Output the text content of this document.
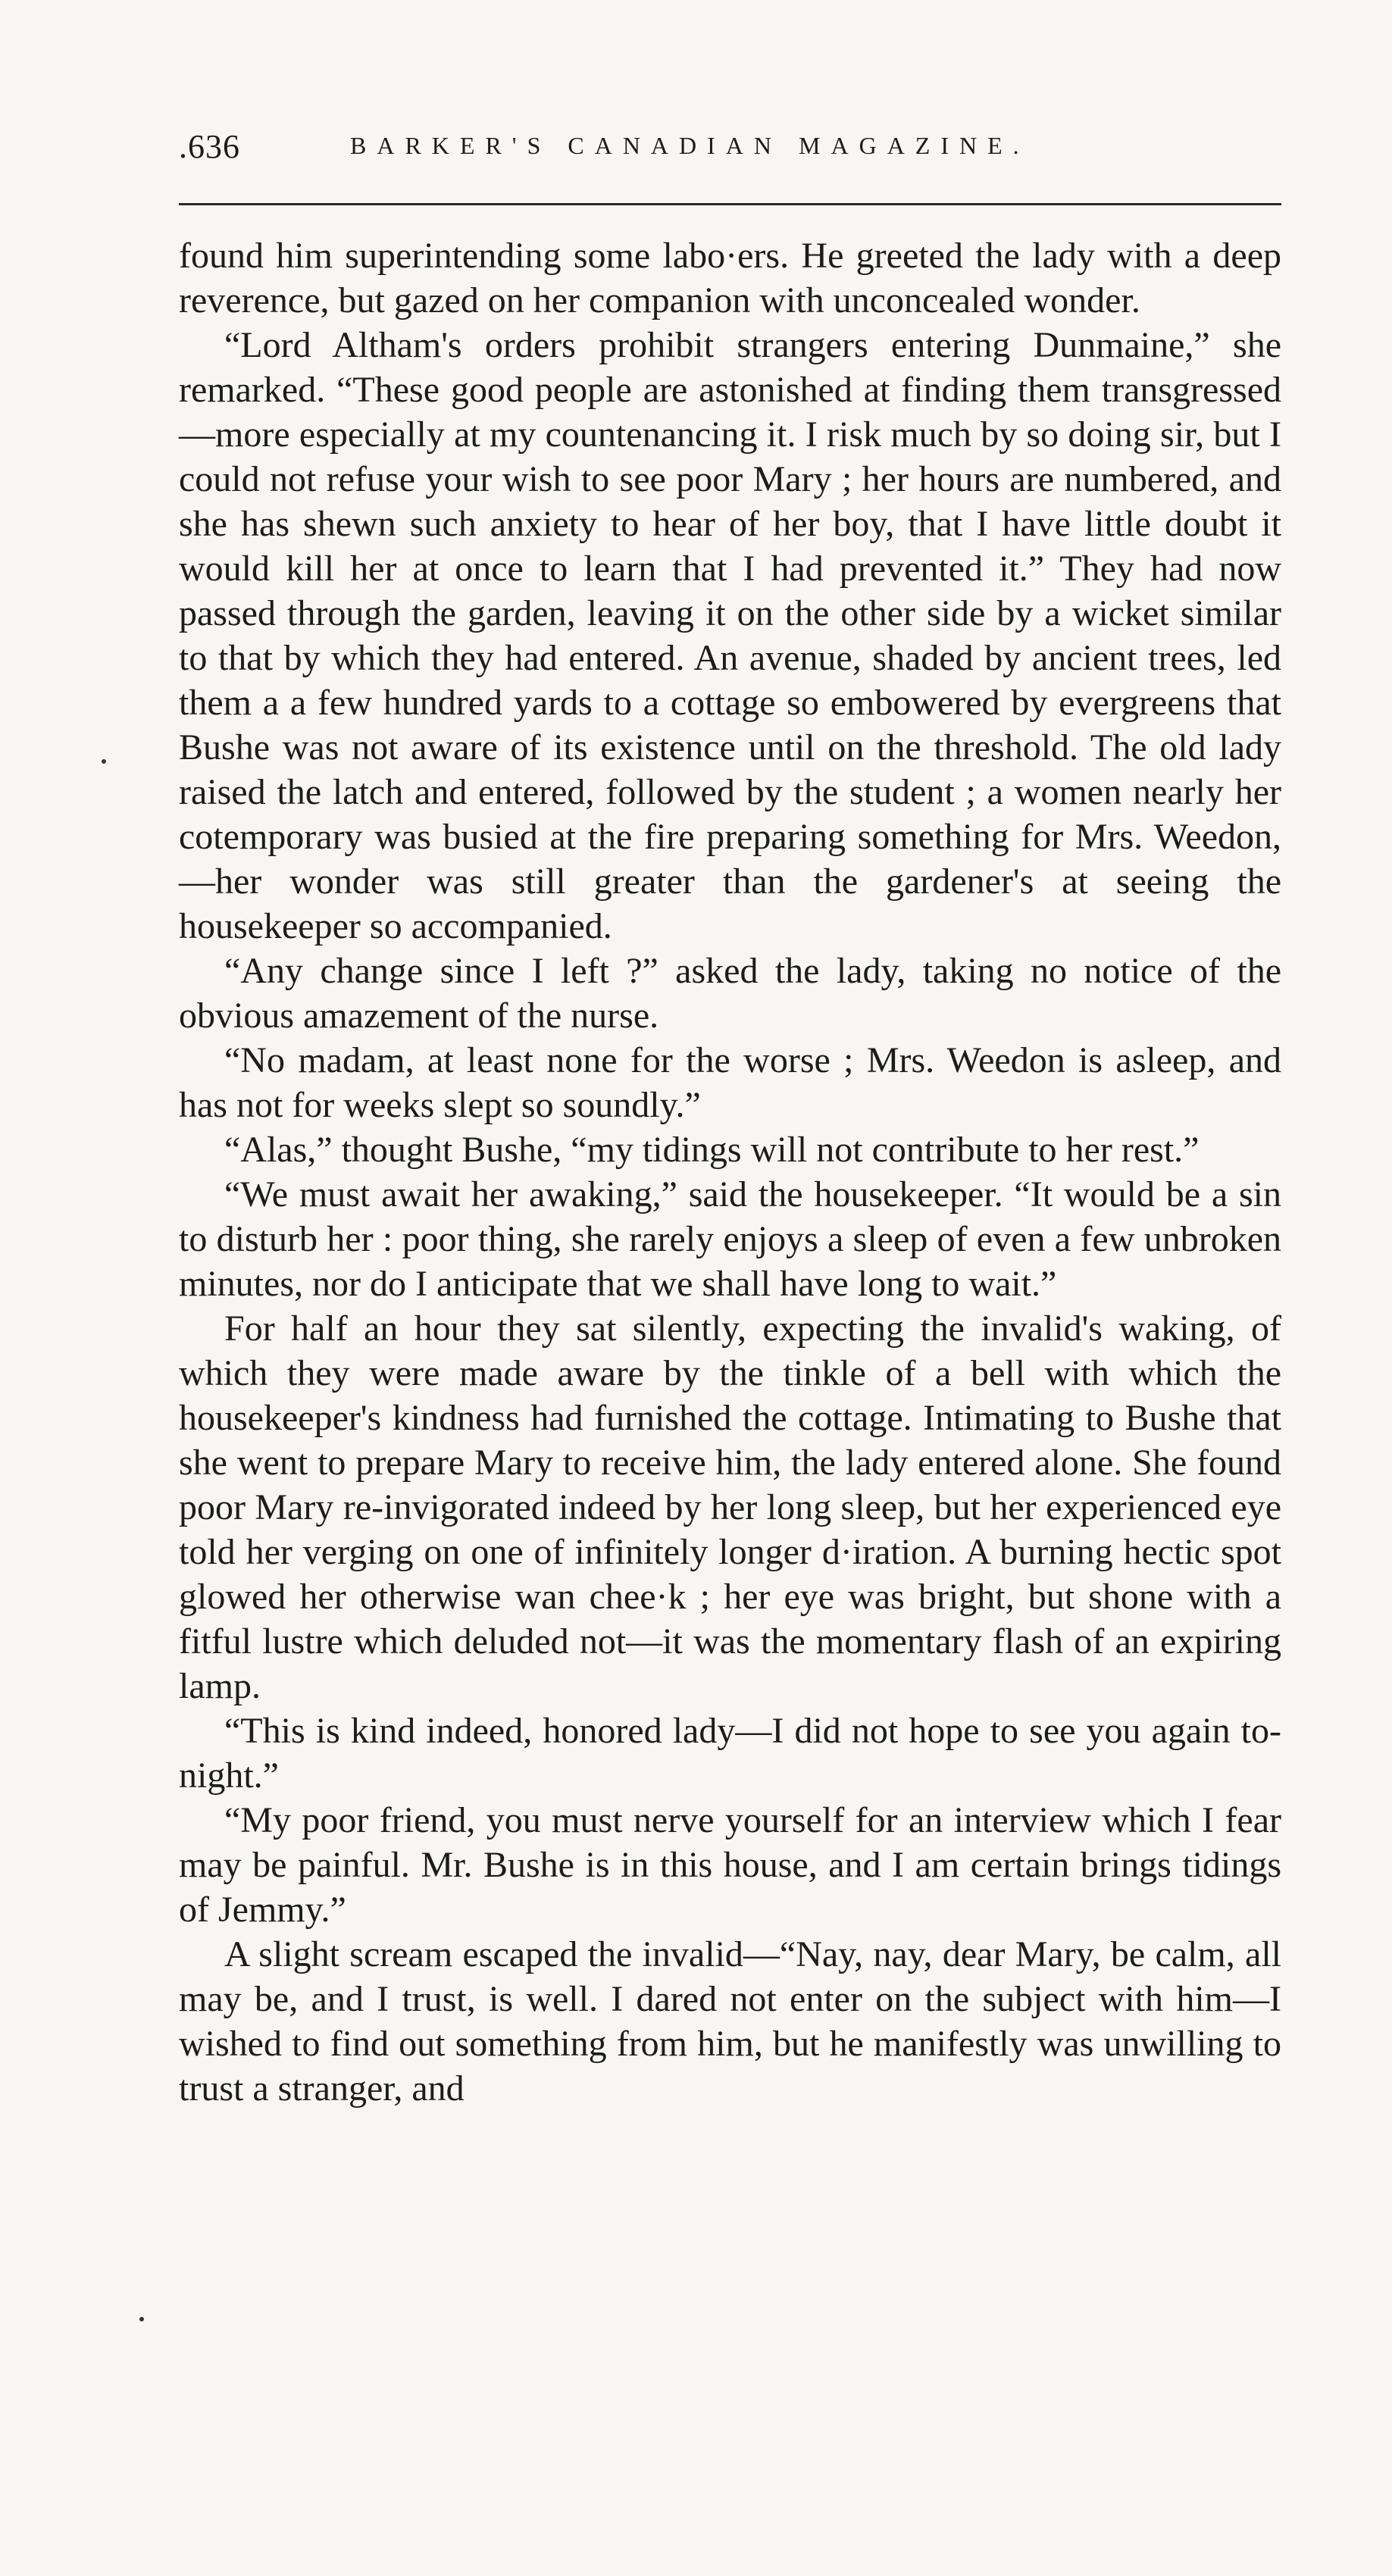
.636	BARKER'S CANADIAN MAGAZINE.

found him superintending some labo·ers. He greeted the lady with a deep reverence, but gazed on her companion with unconcealed wonder.

“Lord Altham's orders prohibit strangers entering Dunmaine,” she remarked. “These good people are astonished at finding them transgressed—more especially at my countenancing it. I risk much by so doing sir, but I could not refuse your wish to see poor Mary ; her hours are numbered, and she has shewn such anxiety to hear of her boy, that I have little doubt it would kill her at once to learn that I had prevented it.” They had now passed through the garden, leaving it on the other side by a wicket similar to that by which they had entered. An avenue, shaded by ancient trees, led them a a few hundred yards to a cottage so embowered by evergreens that Bushe was not aware of its existence until on the threshold. The old lady raised the latch and entered, followed by the student ; a women nearly her cotemporary was busied at the fire preparing something for Mrs. Weedon,—her wonder was still greater than the gardener's at seeing the housekeeper so accompanied.

“Any change since I left ?” asked the lady, taking no notice of the obvious amazement of the nurse.

“No madam, at least none for the worse ; Mrs. Weedon is asleep, and has not for weeks slept so soundly.”

“Alas,” thought Bushe, “my tidings will not contribute to her rest.”

“We must await her awaking,” said the housekeeper. “It would be a sin to disturb her : poor thing, she rarely enjoys a sleep of even a few unbroken minutes, nor do I anticipate that we shall have long to wait.”

For half an hour they sat silently, expecting the invalid's waking, of which they were made aware by the tinkle of a bell with which the housekeeper's kindness had furnished the cottage. Intimating to Bushe that she went to prepare Mary to receive him, the lady entered alone. She found poor Mary re-invigorated indeed by her long sleep, but her experienced eye told her verging on one of infinitely longer d·iration. A burning hectic spot glowed her otherwise wan chee·k ; her eye was bright, but shone with a fitful lustre which deluded not—it was the momentary flash of an expiring lamp.

“This is kind indeed, honored lady—I did not hope to see you again to-night.”

“My poor friend, you must nerve yourself for an interview which I fear may be painful. Mr. Bushe is in this house, and I am certain brings tidings of Jemmy.”

A slight scream escaped the invalid—“Nay, nay, dear Mary, be calm, all may be, and I trust, is well. I dared not enter on the subject with him—I wished to find out something from him, but he manifestly was unwilling to trust a stranger, and
